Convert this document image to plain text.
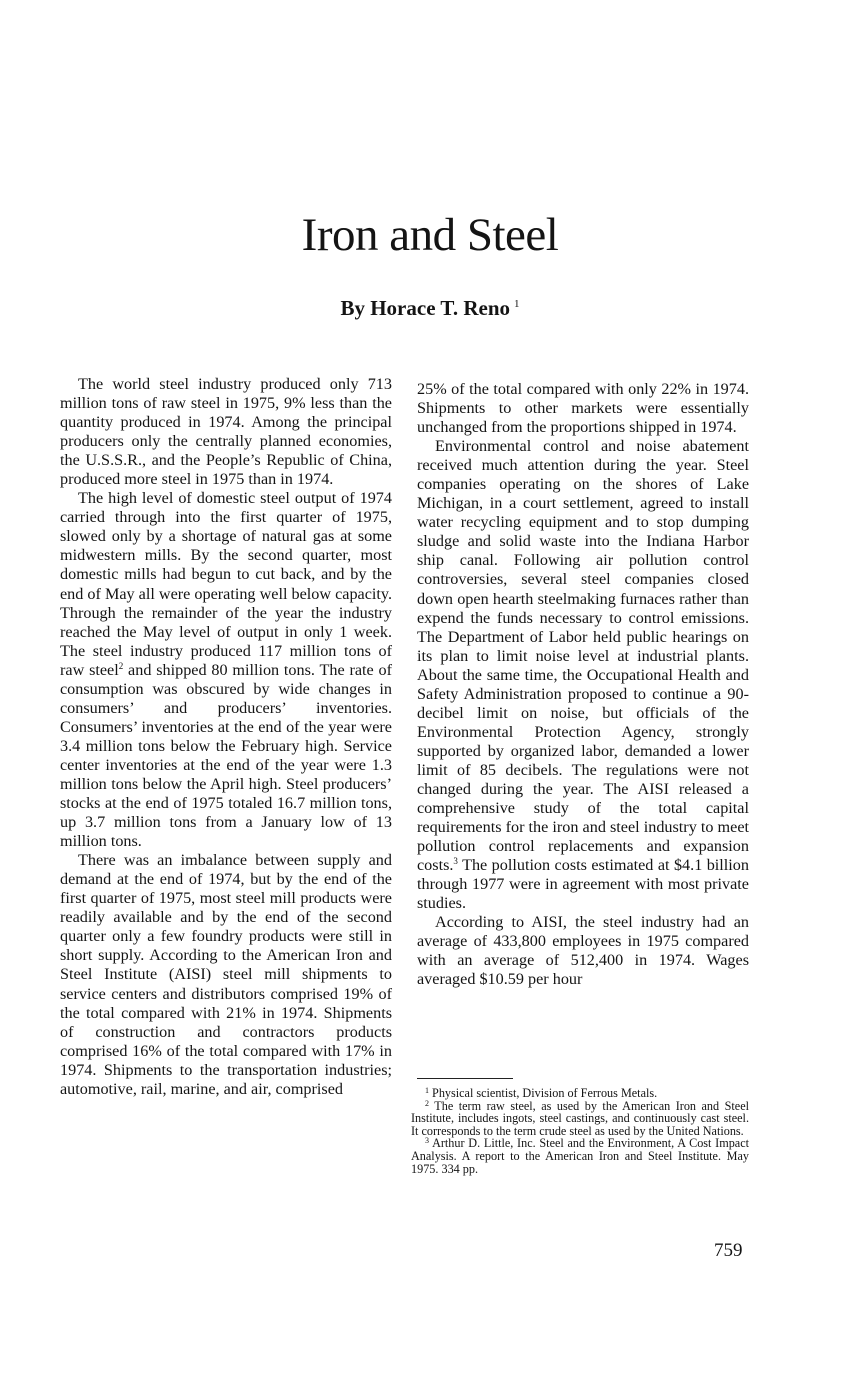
Iron and Steel
By Horace T. Reno $^1$

The world steel industry produced only 713 million tons of raw steel in 1975, 9% less than the quantity produced in 1974. Among the principal producers only the centrally planned economies, the U.S.S.R., and the People’s Republic of China, produced more steel in 1975 than in 1974.

The high level of domestic steel output of 1974 carried through into the first quarter of 1975, slowed only by a shortage of natural gas at some midwestern mills. By the second quarter, most domestic mills had begun to cut back, and by the end of May all were operating well below capacity. Through the remainder of the year the industry reached the May level of output in only 1 week. The steel industry produced 117 million tons of raw steel$^2$ and shipped 80 million tons. The rate of consumption was obscured by wide changes in consumers’ and producers’ inventories. Consumers’ inventories at the end of the year were 3.4 million tons below the February high. Service center inventories at the end of the year were 1.3 million tons below the April high. Steel producers’ stocks at the end of 1975 totaled 16.7 million tons, up 3.7 million tons from a January low of 13 million tons.

There was an imbalance between supply and demand at the end of 1974, but by the end of the first quarter of 1975, most steel mill products were readily available and by the end of the second quarter only a few foundry products were still in short supply. According to the American Iron and Steel Institute (AISI) steel mill shipments to service centers and distributors comprised 19% of the total compared with 21% in 1974. Shipments of construction and contractors products comprised 16% of the total compared with 17% in 1974. Shipments to the transportation industries; automotive, rail, marine, and air, comprised

25% of the total compared with only 22% in 1974. Shipments to other markets were essentially unchanged from the proportions shipped in 1974.

Environmental control and noise abatement received much attention during the year. Steel companies operating on the shores of Lake Michigan, in a court settlement, agreed to install water recycling equipment and to stop dumping sludge and solid waste into the Indiana Harbor ship canal. Following air pollution control controversies, several steel companies closed down open hearth steelmaking furnaces rather than expend the funds necessary to control emissions. The Department of Labor held public hearings on its plan to limit noise level at industrial plants. About the same time, the Occupational Health and Safety Administration proposed to continue a 90-decibel limit on noise, but officials of the Environmental Protection Agency, strongly supported by organized labor, demanded a lower limit of 85 decibels. The regulations were not changed during the year. The AISI released a comprehensive study of the total capital requirements for the iron and steel industry to meet pollution control replacements and expansion costs.$^3$ The pollution costs estimated at $4.1 billion through 1977 were in agreement with most private studies.

According to AISI, the steel industry had an average of 433,800 employees in 1975 compared with an average of 512,400 in 1974. Wages averaged $10.59 per hour

$^1$ Physical scientist, Division of Ferrous Metals.

$^2$ The term raw steel, as used by the American Iron and Steel Institute, includes ingots, steel castings, and continuously cast steel. It corresponds to the term crude steel as used by the United Nations.

$^3$ Arthur D. Little, Inc. Steel and the Environment, A Cost Impact Analysis. A report to the American Iron and Steel Institute. May 1975. 334 pp.

759
